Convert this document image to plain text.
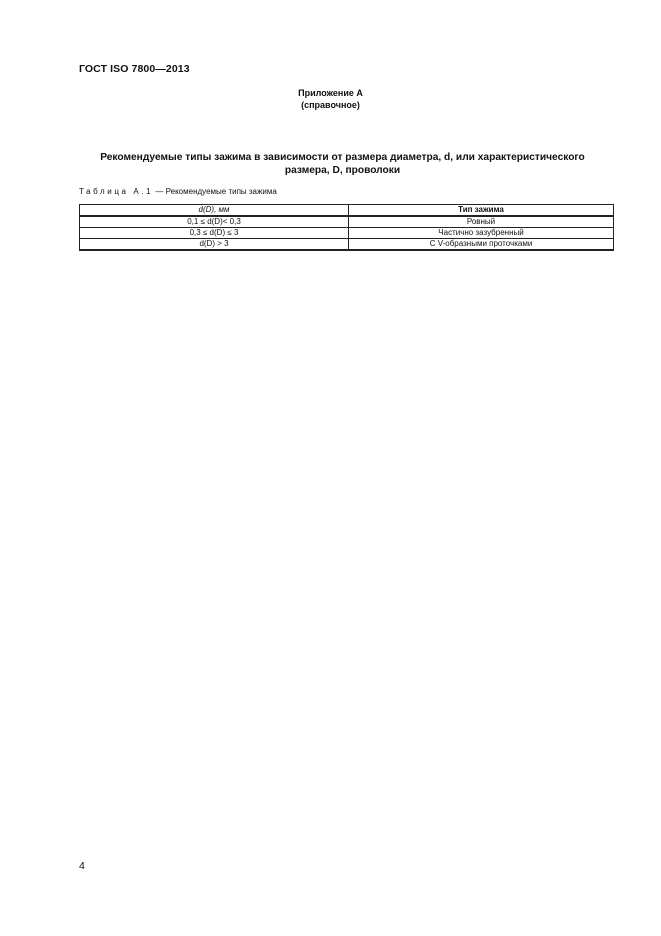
ГОСТ ISO 7800—2013
Приложение А
(справочное)
Рекомендуемые типы зажима в зависимости от размера диаметра, d, или характеристического
размера, D, проволоки
Таблица А.1 — Рекомендуемые типы зажима
d(D), мм	Тип зажима
0,1 ≤ d(D)< 0,3	Ровный
0,3 ≤ d(D) ≤ 3	Частично зазубренный
d(D) > 3	С V-образными проточками
4
